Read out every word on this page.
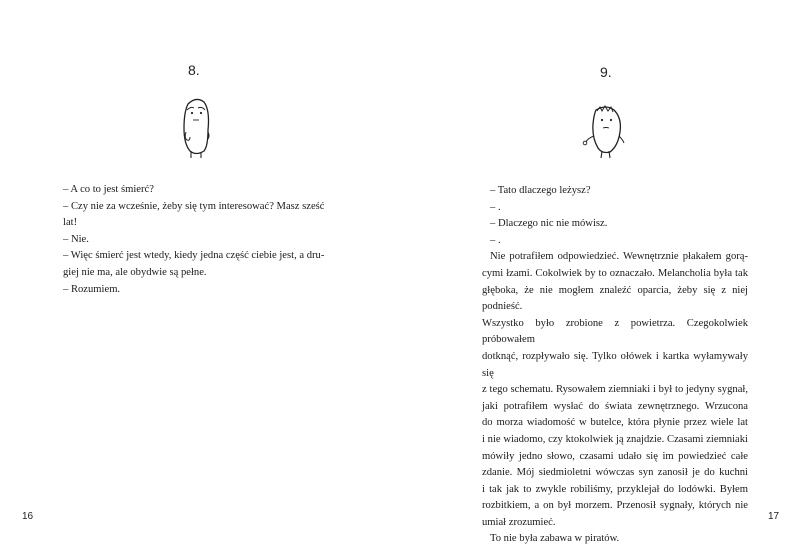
8.
– A co to jest śmierć?
– Czy nie za wcześnie, żeby się tym interesować? Masz sześć
lat!
– Nie.
– Więc śmierć jest wtedy, kiedy jedna część ciebie jest, a dru-
giej nie ma, ale obydwie są pełne.
– Rozumiem.
16
9.
– Tato dlaczego leżysz?
– .
– Dlaczego nic nie mówisz.
– .
Nie potrafiłem odpowiedzieć. Wewnętrznie płakałem gorą-
cymi łzami. Cokolwiek by to oznaczało. Melancholia była tak
głęboka, że nie mogłem znaleźć oparcia, żeby się z niej podnieść.
Wszystko było zrobione z powietrza. Czegokolwiek próbowałem
dotknąć, rozpływało się. Tylko ołówek i kartka wyłamywały się
z tego schematu. Rysowałem ziemniaki i był to jedyny sygnał,
jaki potrafiłem wysłać do świata zewnętrznego. Wrzucona
do morza wiadomość w butelce, która płynie przez wiele lat
i nie wiadomo, czy ktokolwiek ją znajdzie. Czasami ziemniaki
mówiły jedno słowo, czasami udało się im powiedzieć całe
zdanie. Mój siedmioletni wówczas syn zanosił je do kuchni
i tak jak to zwykle robiliśmy, przyklejał do lodówki. Byłem
rozbitkiem, a on był morzem. Przenosił sygnały, których nie
umiał zrozumieć.
To nie była zabawa w piratów.
17
